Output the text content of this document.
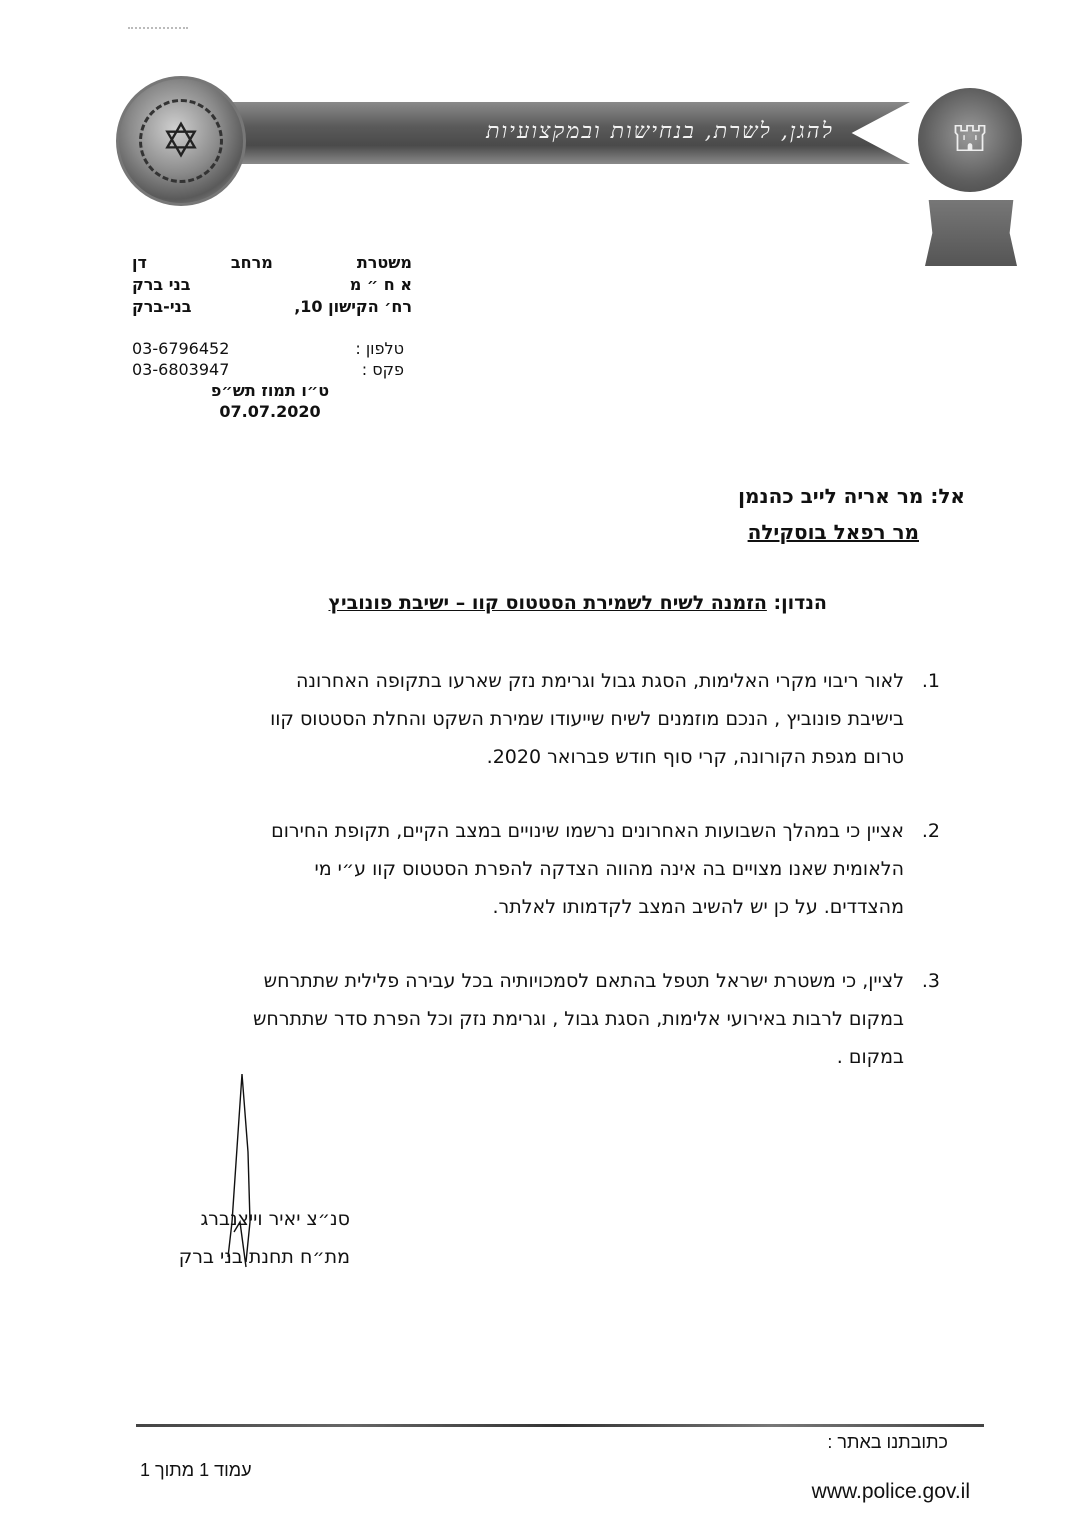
להגן, לשרת, בנחישות ובמקצועיות
✡	⛫
משטרת
מרחב
דן
א ח ״ מ
בני ברק
רח׳ הקישון 10,
בני-ברק
טלפון :
03-6796452
פקס :
03-6803947
ט״ו תמוז תש״פ
07.07.2020
אל: מר אריה לייב כהנמן
מר רפאל בוסקילה
הנדון: הזמנה לשיח לשמירת הסטטוס קוו – ישיבת פונוביץ
1.לאור ריבוי מקרי האלימות, הסגת גבול וגרימת נזק שארעו בתקופה האחרונה
בישיבת פונוביץ , הנכם מוזמנים לשיח שייעודו שמירת השקט והחלת הסטטוס קוו
טרום מגפת הקורונה, קרי סוף חודש פברואר 2020.
2.אציין כי במהלך השבועות האחרונים נרשמו שינויים במצב הקיים, תקופת החירום
הלאומית שאנו מצויים בה אינה מהווה הצדקה להפרת הסטטוס קוו ע״י מי
מהצדדים. על כן יש להשיב המצב לקדמותו לאלתר.
3.לציין, כי משטרת ישראל תטפל בהתאם לסמכויותיה בכל עבירה פלילית שתתרחש
במקום לרבות באירועי אלימות, הסגת גבול , וגרימת נזק וכל הפרת סדר שתתרחש
במקום .
סנ״צ יאיר וייצנברג
מת״ח תחנת בני ברק
כתובתנו באתר :
עמוד 1 מתוך 1
www.police.gov.il
